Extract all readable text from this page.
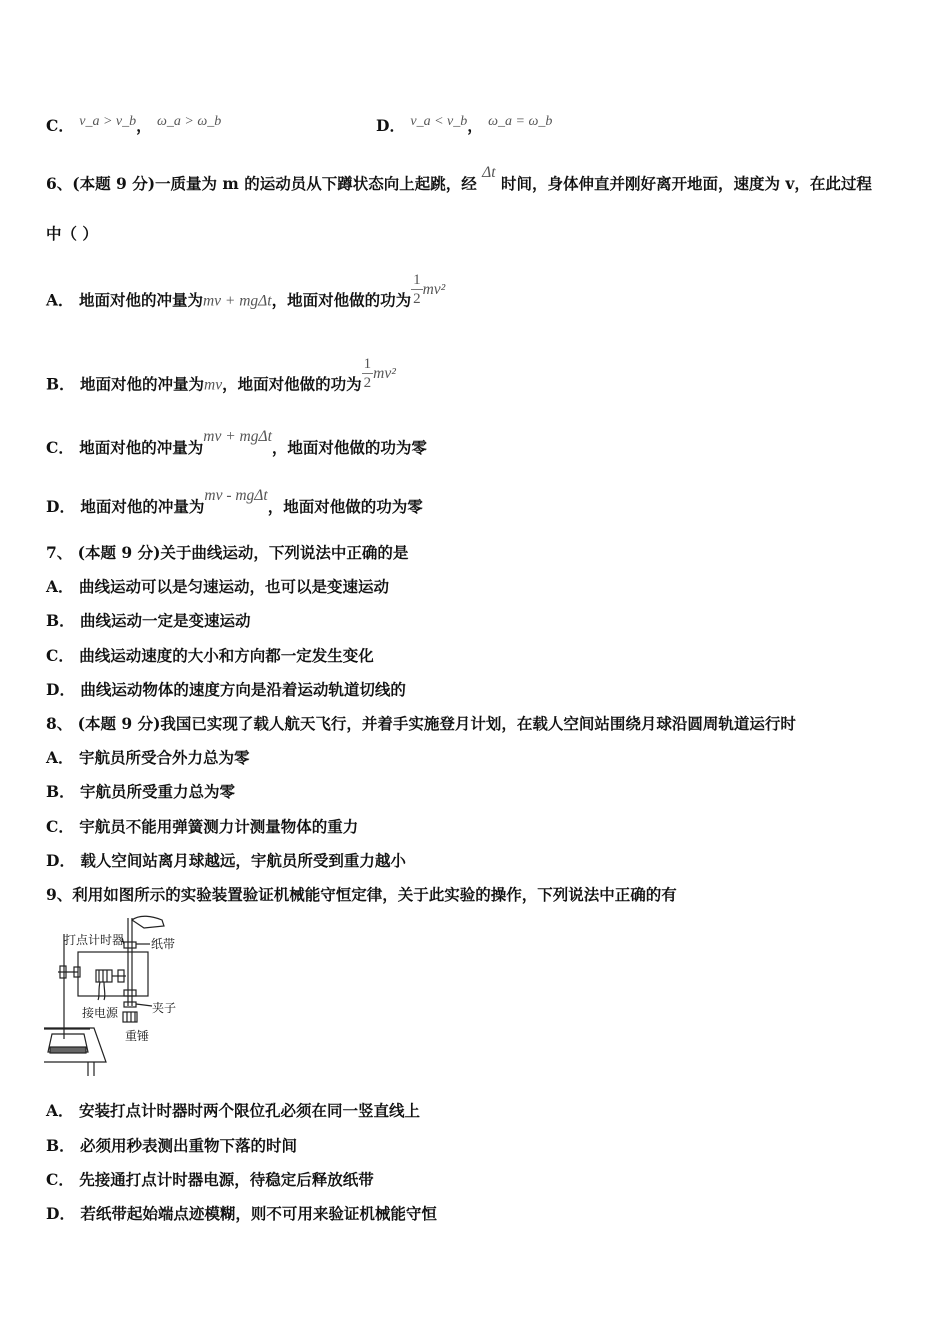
C． v_a > v_b， ω_a > ω_b	D． v_a < v_b， ω_a = ω_b
6、(本题 9 分)一质量为 m 的运动员从下蹲状态向上起跳，经 Δt 时间，身体伸直并刚好离开地面，速度为 v，在此过程
中（ ）
A． 地面对他的冲量为mv + mgΔt，地面对他做的功为 $\frac{1}{2} mv^2$
B． 地面对他的冲量为mv，地面对他做的功为 $\frac{1}{2} mv^2$
C． 地面对他的冲量为mv + mgΔt，地面对他做的功为零
D． 地面对他的冲量为mv - mgΔt，地面对他做的功为零
7、 (本题 9 分)关于曲线运动，下列说法中正确的是
A． 曲线运动可以是匀速运动，也可以是变速运动
B． 曲线运动一定是变速运动
C． 曲线运动速度的大小和方向都一定发生变化
D． 曲线运动物体的速度方向是沿着运动轨道切线的
8、 (本题 9 分)我国已实现了载人航天飞行，并着手实施登月计划，在载人空间站围绕月球沿圆周轨道运行时
A． 宇航员所受合外力总为零
B． 宇航员所受重力总为零
C． 宇航员不能用弹簧测力计测量物体的重力
D． 载人空间站离月球越远，宇航员所受到重力越小
9、利用如图所示的实验装置验证机械能守恒定律，关于此实验的操作，下列说法中正确的有
打点计时器 纸带
接电源	夹子
重锤
A． 安装打点计时器时两个限位孔必须在同一竖直线上
B． 必须用秒表测出重物下落的时间
C． 先接通打点计时器电源，待稳定后释放纸带
D． 若纸带起始端点迹模糊，则不可用来验证机械能守恒
